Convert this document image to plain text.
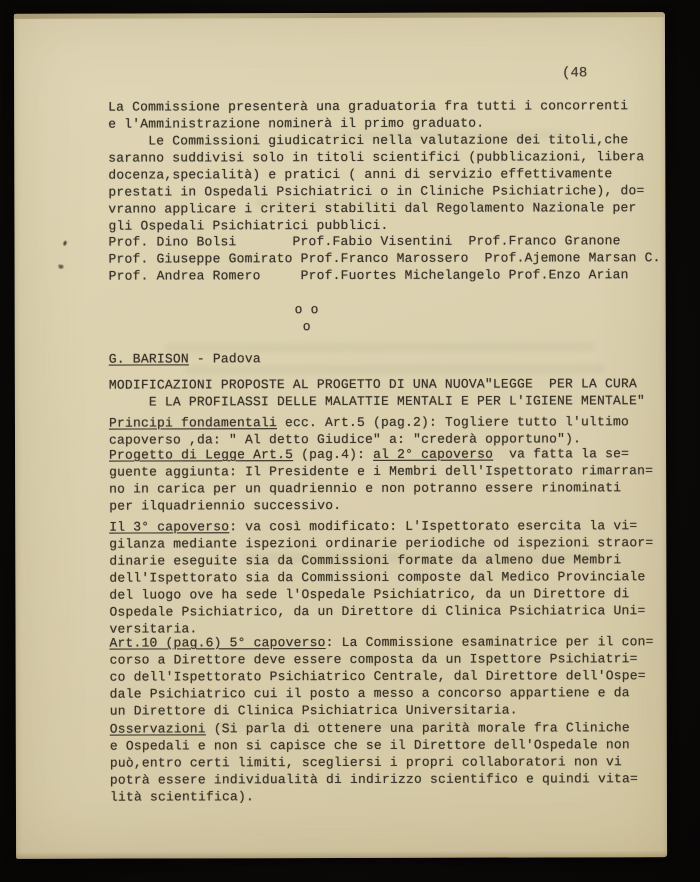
(48
La Commissione presenterà una graduatoria fra tutti i concorrenti
e l'Amministrazione nominerà il primo graduato.
Le Commissioni giudicatrici nella valutazione dei titoli,che
saranno suddivisi solo in titoli scientifici (pubblicazioni, libera
docenza,specialità) e pratici ( anni di servizio effettivamente
prestati in Ospedali Psichiatrici o in Cliniche Psichiatriche), do=
vranno applicare i criteri stabiliti dal Regolamento Nazionale per
gli Ospedali Psichiatrici pubblici.
Prof. Dino Bolsi       Prof.Fabio Visentini  Prof.Franco Granone
Prof. Giuseppe Gomirato Prof.Franco Marossero  Prof.Ajemone Marsan C.
Prof. Andrea Romero     Prof.Fuortes Michelangelo Prof.Enzo Arian
o o
o
G. BARISON - Padova
MODIFICAZIONI PROPOSTE AL PROGETTO DI UNA NUOVA"LEGGE  PER LA CURA
E LA PROFILASSI DELLE MALATTIE MENTALI E PER L'IGIENE MENTALE"
Principi fondamentali ecc. Art.5 (pag.2): Togliere tutto l'ultimo
capoverso ,da: " Al detto Giudice" a: "crederà opportuno").
Progetto di Legge Art.5 (pag.4): al 2° capoverso  va fatta la se=
guente aggiunta: Il Presidente e i Membri dell'Ispettorato rimarran=
no in carica per un quadriennio e non potranno essere rinominati
per ilquadriennio successivo.
Il 3° capoverso: va così modificato: L'Ispettorato esercita la vi=
gilanza mediante ispezioni ordinarie periodiche od ispezioni straor=
dinarie eseguite sia da Commissioni formate da almeno due Membri
dell'Ispettorato sia da Commissioni composte dal Medico Provinciale
del luogo ove ha sede l'Ospedale Psichiatrico, da un Direttore di
Ospedale Psichiatrico, da un Direttore di Clinica Psichiatrica Uni=
versitaria.
Art.10 (pag.6) 5° capoverso: La Commissione esaminatrice per il con=
corso a Direttore deve essere composta da un Ispettore Psichiatri=
co dell'Ispettorato Psichiatrico Centrale, dal Direttore dell'Ospe=
dale Psichiatrico cui il posto a messo a concorso appartiene e da
un Direttore di Clinica Psichiatrica Universitaria.
Osservazioni (Si parla di ottenere una parità morale fra Cliniche
e Ospedali e non si capisce che se il Direttore dell'Ospedale non
può,entro certi limiti, scegliersi i propri collaboratori non vi
potrà essere individualità di indirizzo scientifico e quindi vita=
lità scientifica).
